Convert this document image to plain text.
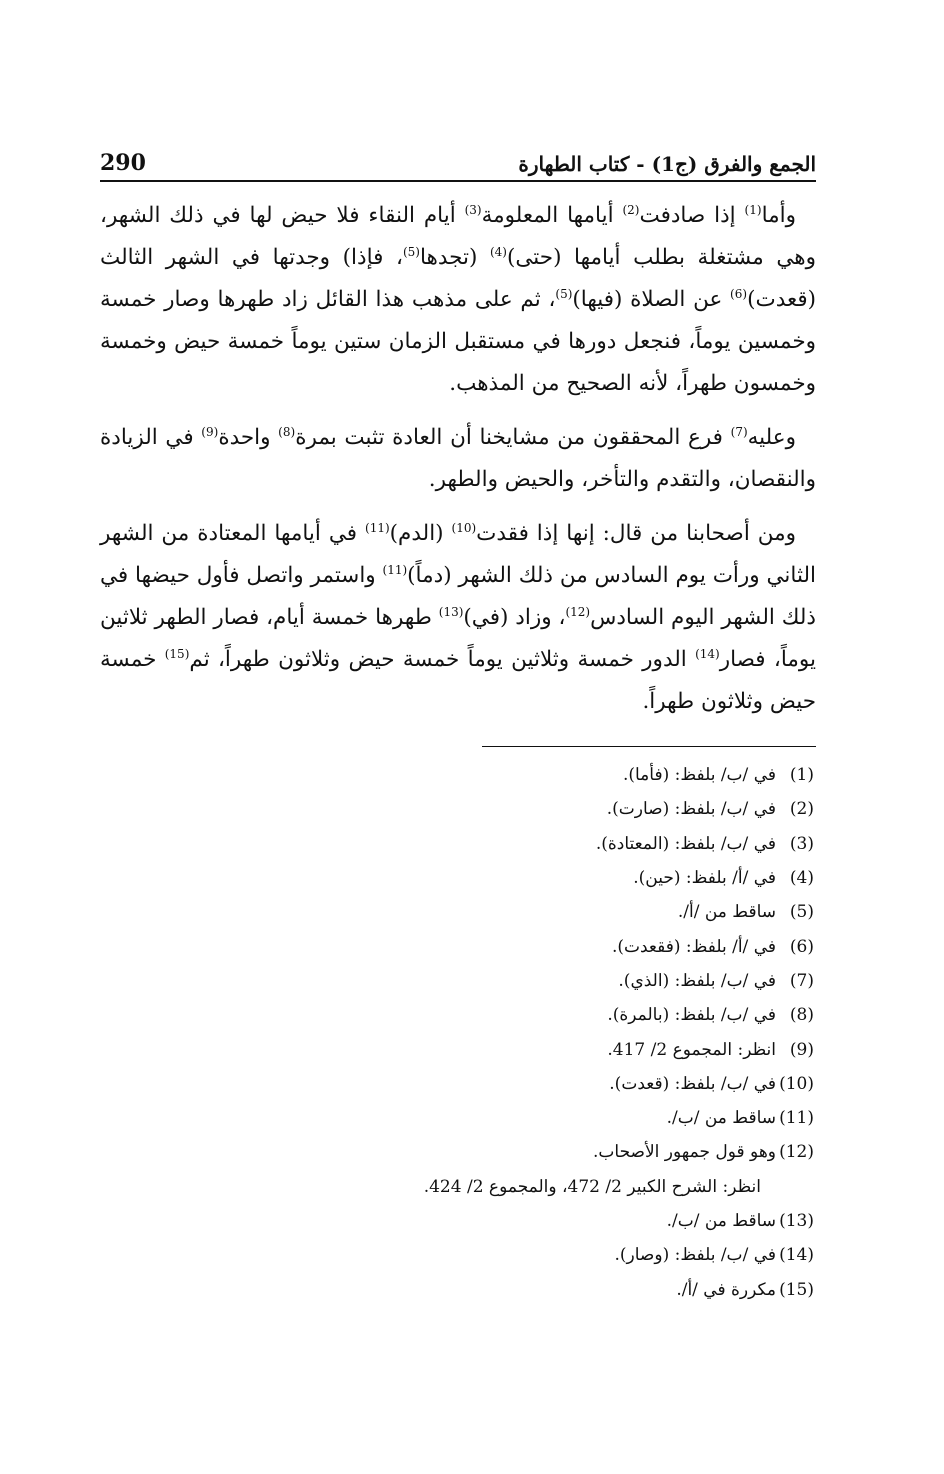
الجمع والفرق (ج1) - كتاب الطهارة
290

وأما$^{(1)}$ إذا صادفت$^{(2)}$ أيامها المعلومة$^{(3)}$ أيام النقاء فلا حيض لها في ذلك الشهر، وهي مشتغلة بطلب أيامها (حتى)$^{(4)}$ (تجدها$^{(5)}$، فإذا) وجدتها في الشهر الثالث (قعدت)$^{(6)}$ عن الصلاة (فيها)$^{(5)}$، ثم على مذهب هذا القائل زاد طهرها وصار خمسة وخمسين يوماً، فنجعل دورها في مستقبل الزمان ستين يوماً خمسة حيض وخمسة وخمسون طهراً، لأنه الصحيح من المذهب.

وعليه$^{(7)}$ فرع المحققون من مشايخنا أن العادة تثبت بمرة$^{(8)}$ واحدة$^{(9)}$ في الزيادة والنقصان، والتقدم والتأخر، والحيض والطهر.

ومن أصحابنا من قال: إنها إذا فقدت$^{(10)}$ (الدم)$^{(11)}$ في أيامها المعتادة من الشهر الثاني ورأت يوم السادس من ذلك الشهر (دماً)$^{(11)}$ واستمر واتصل فأول حيضها في ذلك الشهر اليوم السادس$^{(12)}$، وزاد (في)$^{(13)}$ طهرها خمسة أيام، فصار الطهر ثلاثين يوماً، فصار$^{(14)}$ الدور خمسة وثلاثين يوماً خمسة حيض وثلاثون طهراً، ثم$^{(15)}$ خمسة حيض وثلاثون طهراً.

(1)
في /ب/ بلفظ: (فأما).
(2)
في /ب/ بلفظ: (صارت).
(3)
في /ب/ بلفظ: (المعتادة).
(4)
في /أ/ بلفظ: (حين).
(5)
ساقط من /أ/.
(6)
في /أ/ بلفظ: (فقعدت).
(7)
في /ب/ بلفظ: (الذي).
(8)
في /ب/ بلفظ: (بالمرة).
(9)
انظر: المجموع 2/ 417.
(10)
في /ب/ بلفظ: (قعدت).
(11)
ساقط من /ب/.
(12)
وهو قول جمهور الأصحاب.
انظر: الشرح الكبير 2/ 472، والمجموع 2/ 424.
(13)
ساقط من /ب/.
(14)
في /ب/ بلفظ: (وصار).
(15)
مكررة في /أ/.
